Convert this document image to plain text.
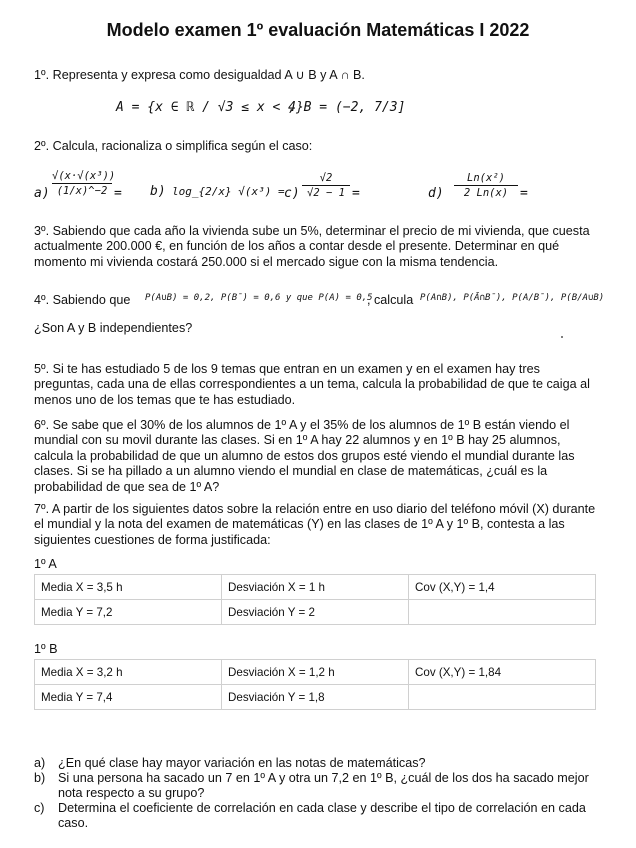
Modelo examen 1º evaluación Matemáticas I 2022
1º. Representa y expresa como desigualdad A ∪ B y A ∩ B.
A = {x ∈ ℝ / √3 ≤ x < 4}
, B = (−2, 7/3]
2º. Calcula, racionaliza o simplifica según el caso:
a)
√(x·√(x³))
(1/x)^−2 = b) log_{2/x} √(x³) = c)
√2
√2 − 1 =	d)
Ln(x²)
2 Ln(x) =
3º. Sabiendo que cada año la vivienda sube un 5%, determinar el precio de mi vivienda, que cuesta actualmente 200.000 €, en función de los años a contar desde el presente. Determinar en qué momento mi vivienda costará 250.000 si el mercado sigue con la misma tendencia.
4º. Sabiendo que P(A∪B) = 0,2, P(B̄) = 0,6 y que P(A) = 0,5
, calcula P(A∩B), P(Ā∩B̄), P(A/B̄), P(B/A∪B)
¿Son A y B independientes?
5º. Si te has estudiado 5 de los 9 temas que entran en un examen y en el examen hay tres preguntas, cada una de ellas correspondientes a un tema, calcula la probabilidad de que te caiga al menos uno de los temas que te has estudiado.
6º. Se sabe que el 30% de los alumnos de 1º A y el 35% de los alumnos de 1º B están viendo el mundial con su movil durante las clases. Si en 1º A hay 22 alumnos y en 1º B hay 25 alumnos, calcula la probabilidad de que un alumno de estos dos grupos esté viendo el mundial durante las clases. Si se ha pillado a un alumno viendo el mundial en clase de matemáticas, ¿cuál es la probabilidad de que sea de 1º A?
7º. A partir de los siguientes datos sobre la relación entre en uso diario del teléfono móvil (X) durante el mundial y la nota del examen de matemáticas (Y) en las clases de 1º A y 1º B, contesta a las siguientes cuestiones de forma justificada:
1º A
Media X = 3,5 h	Desviación X = 1 h	Cov (X,Y) = 1,4
Media Y = 7,2	Desviación Y = 2	
1º B
Media X = 3,2 h	Desviación X = 1,2 h	Cov (X,Y) = 1,84
Media Y = 7,4	Desviación Y = 1,8	
a)	¿En qué clase hay mayor variación en las notas de matemáticas?
b)	Si una persona ha sacado un 7 en 1º A y otra un 7,2 en 1º B, ¿cuál de los dos ha sacado mejor nota respecto a su grupo?
c)	Determina el coeficiente de correlación en cada clase y describe el tipo de correlación en cada caso.
